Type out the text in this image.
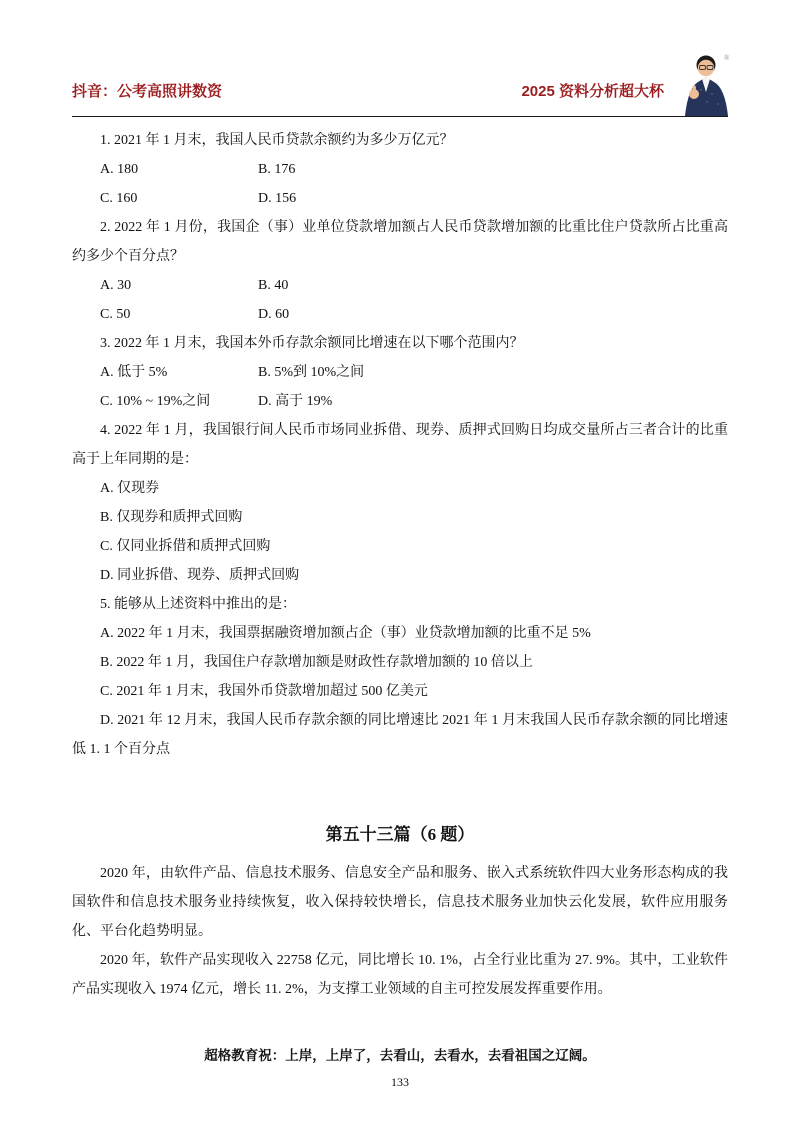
抖音：公考高照讲数资	2025 资料分析超大杯
®

1. 2021 年 1 月末，我国人民币贷款余额约为多少万亿元？

A. 180	B. 176

C. 160	D. 156

2. 2022 年 1 月份，我国企（事）业单位贷款增加额占人民币贷款增加额的比重比住户贷款所占比重高约多少个百分点？

A. 30	B. 40

C. 50	D. 60

3. 2022 年 1 月末，我国本外币存款余额同比增速在以下哪个范围内？

A. 低于 5%	B. 5%到 10%之间

C. 10% ~ 19%之间	D. 高于 19%

4. 2022 年 1 月，我国银行间人民币市场同业拆借、现券、质押式回购日均成交量所占三者合计的比重高于上年同期的是：

A. 仅现券

B. 仅现券和质押式回购

C. 仅同业拆借和质押式回购

D. 同业拆借、现券、质押式回购

5. 能够从上述资料中推出的是：

A. 2022 年 1 月末，我国票据融资增加额占企（事）业贷款增加额的比重不足 5%

B. 2022 年 1 月，我国住户存款增加额是财政性存款增加额的 10 倍以上

C. 2021 年 1 月末，我国外币贷款增加超过 500 亿美元

D. 2021 年 12 月末，我国人民币存款余额的同比增速比 2021 年 1 月末我国人民币存款余额的同比增速低 1. 1 个百分点

第五十三篇（6 题）

2020 年，由软件产品、信息技术服务、信息安全产品和服务、嵌入式系统软件四大业务形态构成的我国软件和信息技术服务业持续恢复，收入保持较快增长，信息技术服务业加快云化发展，软件应用服务化、平台化趋势明显。

2020 年，软件产品实现收入 22758 亿元，同比增长 10. 1%，占全行业比重为 27. 9%。其中，工业软件产品实现收入 1974 亿元，增长 11. 2%，为支撑工业领域的自主可控发展发挥重要作用。

超格教育祝：上岸，上岸了，去看山，去看水，去看祖国之辽阔。
133
